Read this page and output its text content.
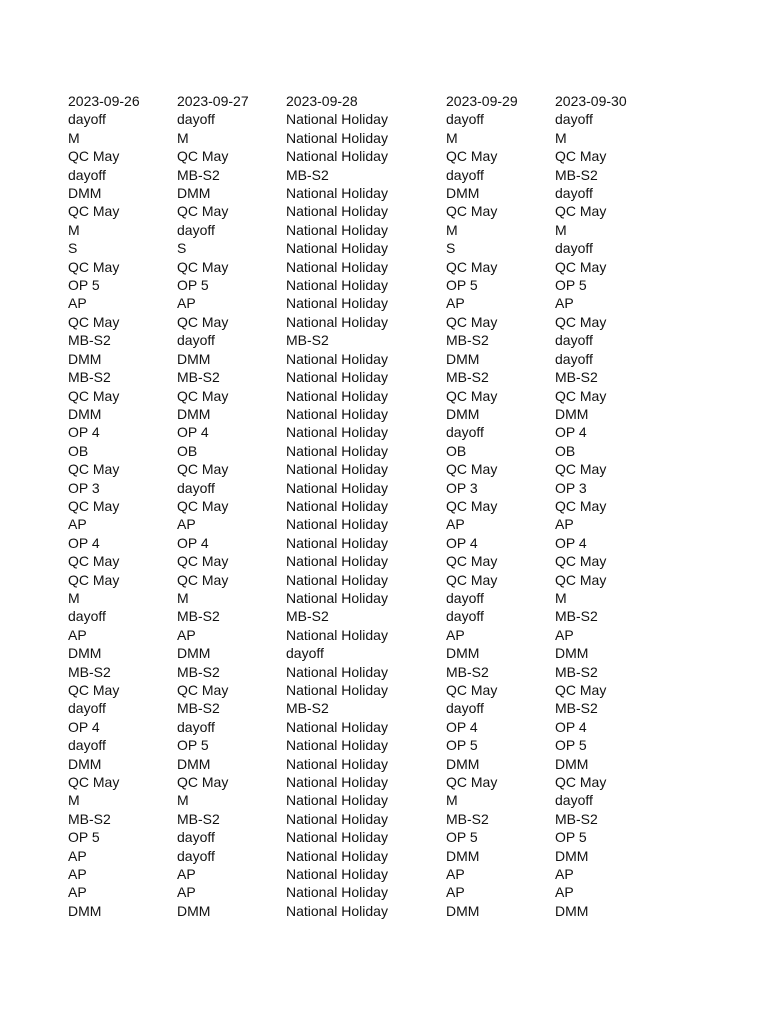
2023-09-26	2023-09-27	2023-09-28	2023-09-29	2023-09-30
dayoff	dayoff	National Holiday	dayoff	dayoff
M	M	National Holiday	M	M
QC May	QC May	National Holiday	QC May	QC May
dayoff	MB-S2	MB-S2	dayoff	MB-S2
DMM	DMM	National Holiday	DMM	dayoff
QC May	QC May	National Holiday	QC May	QC May
M	dayoff	National Holiday	M	M
S	S	National Holiday	S	dayoff
QC May	QC May	National Holiday	QC May	QC May
OP 5	OP 5	National Holiday	OP 5	OP 5
AP	AP	National Holiday	AP	AP
QC May	QC May	National Holiday	QC May	QC May
MB-S2	dayoff	MB-S2	MB-S2	dayoff
DMM	DMM	National Holiday	DMM	dayoff
MB-S2	MB-S2	National Holiday	MB-S2	MB-S2
QC May	QC May	National Holiday	QC May	QC May
DMM	DMM	National Holiday	DMM	DMM
OP 4	OP 4	National Holiday	dayoff	OP 4
OB	OB	National Holiday	OB	OB
QC May	QC May	National Holiday	QC May	QC May
OP 3	dayoff	National Holiday	OP 3	OP 3
QC May	QC May	National Holiday	QC May	QC May
AP	AP	National Holiday	AP	AP
OP 4	OP 4	National Holiday	OP 4	OP 4
QC May	QC May	National Holiday	QC May	QC May
QC May	QC May	National Holiday	QC May	QC May
M	M	National Holiday	dayoff	M
dayoff	MB-S2	MB-S2	dayoff	MB-S2
AP	AP	National Holiday	AP	AP
DMM	DMM	dayoff	DMM	DMM
MB-S2	MB-S2	National Holiday	MB-S2	MB-S2
QC May	QC May	National Holiday	QC May	QC May
dayoff	MB-S2	MB-S2	dayoff	MB-S2
OP 4	dayoff	National Holiday	OP 4	OP 4
dayoff	OP 5	National Holiday	OP 5	OP 5
DMM	DMM	National Holiday	DMM	DMM
QC May	QC May	National Holiday	QC May	QC May
M	M	National Holiday	M	dayoff
MB-S2	MB-S2	National Holiday	MB-S2	MB-S2
OP 5	dayoff	National Holiday	OP 5	OP 5
AP	dayoff	National Holiday	DMM	DMM
AP	AP	National Holiday	AP	AP
AP	AP	National Holiday	AP	AP
DMM	DMM	National Holiday	DMM	DMM
